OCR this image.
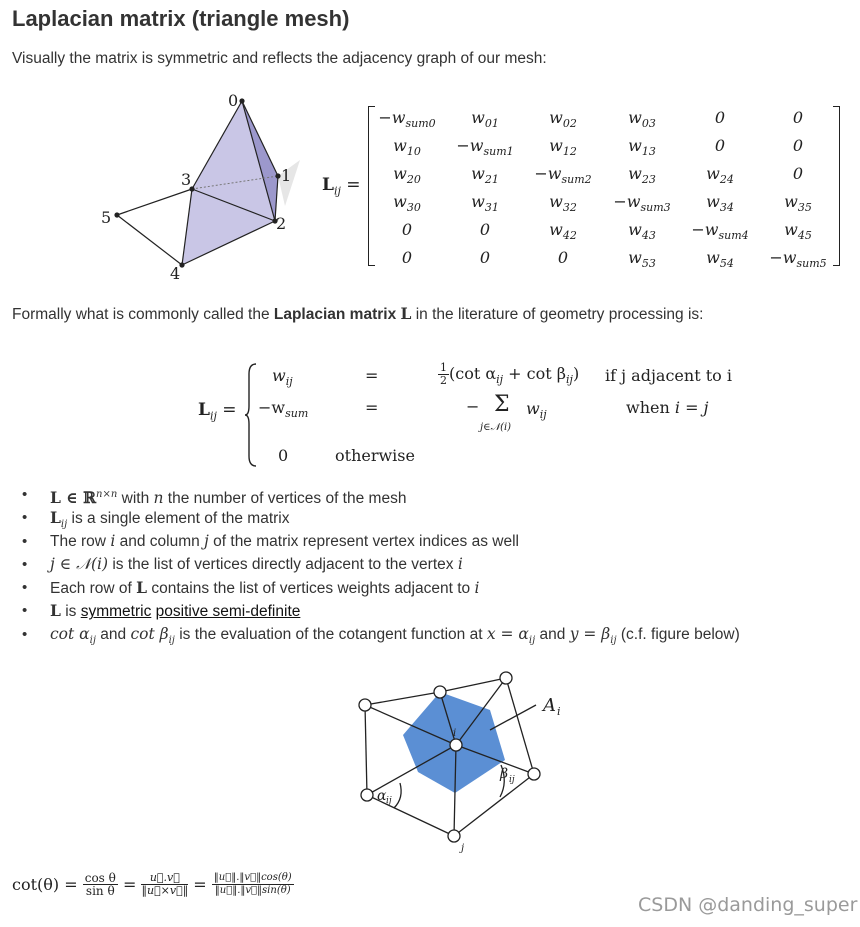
Laplacian matrix (triangle mesh)

Visually the matrix is symmetric and reflects the adjacency graph of our mesh:

0
1
2
3
4
5
$L_{ij}$ =
$-w_{sum0}$	$w_{01}$	$w_{02}$	$w_{03}$	0	0
$w_{10}$	$-w_{sum1}$	$w_{12}$	$w_{13}$	0	0
$w_{20}$	$w_{21}$	$-w_{sum2}$	$w_{23}$	$w_{24}$	0
$w_{30}$	$w_{31}$	$w_{32}$	$-w_{sum3}$	$w_{34}$	$w_{35}$
0	0	$w_{42}$	$w_{43}$	$-w_{sum4}$	$w_{45}$
0	0	0	$w_{53}$	$w_{54}$	$-w_{sum5}$

Formally what is commonly called the Laplacian matrix L in the literature of geometry processing is:

$L_{ij}$ =
$w_{ij}$	=	$\frac{1}{2} (\cot$ $\alpha_{ij} + \cot \beta_{ij}$) if j adjacent to i
$-w_{sum}$	=	− Σ
j∈𝒩(i)
$w_{ij}$	when i = j
0	otherwise
• L ∈ ℝ$^{n\times n}$ with n the number of vertices of the mesh
• $L_{ij}$ is a single element of the matrix
• The row i and column j of the matrix represent vertex indices as well
• j ∈ 𝒩(i) is the list of vertices directly adjacent to the vertex i
• Each row of L contains the list of vertices weights adjacent to i
• L is symmetric positive semi-definite
• $\cot \alpha_{ij}$ and $\cot \beta_{ij}$ is the evaluation of the cotangent function at $x = \alpha_{ij}$ and $y = \beta_{ij}$ (c.f. figure below)
A i
i
j
α ij
β ij
$\cot(\theta) = \frac{\text{cos θ}}{\text{sin θ}} = \frac{u⃗.v⃗}{‖u⃗\times v⃗‖} = \frac{‖u⃗‖.‖v⃗‖\cos(\theta)}{‖u⃗‖.‖v⃗‖\sin(\theta)}$
CSDN @danding_super
